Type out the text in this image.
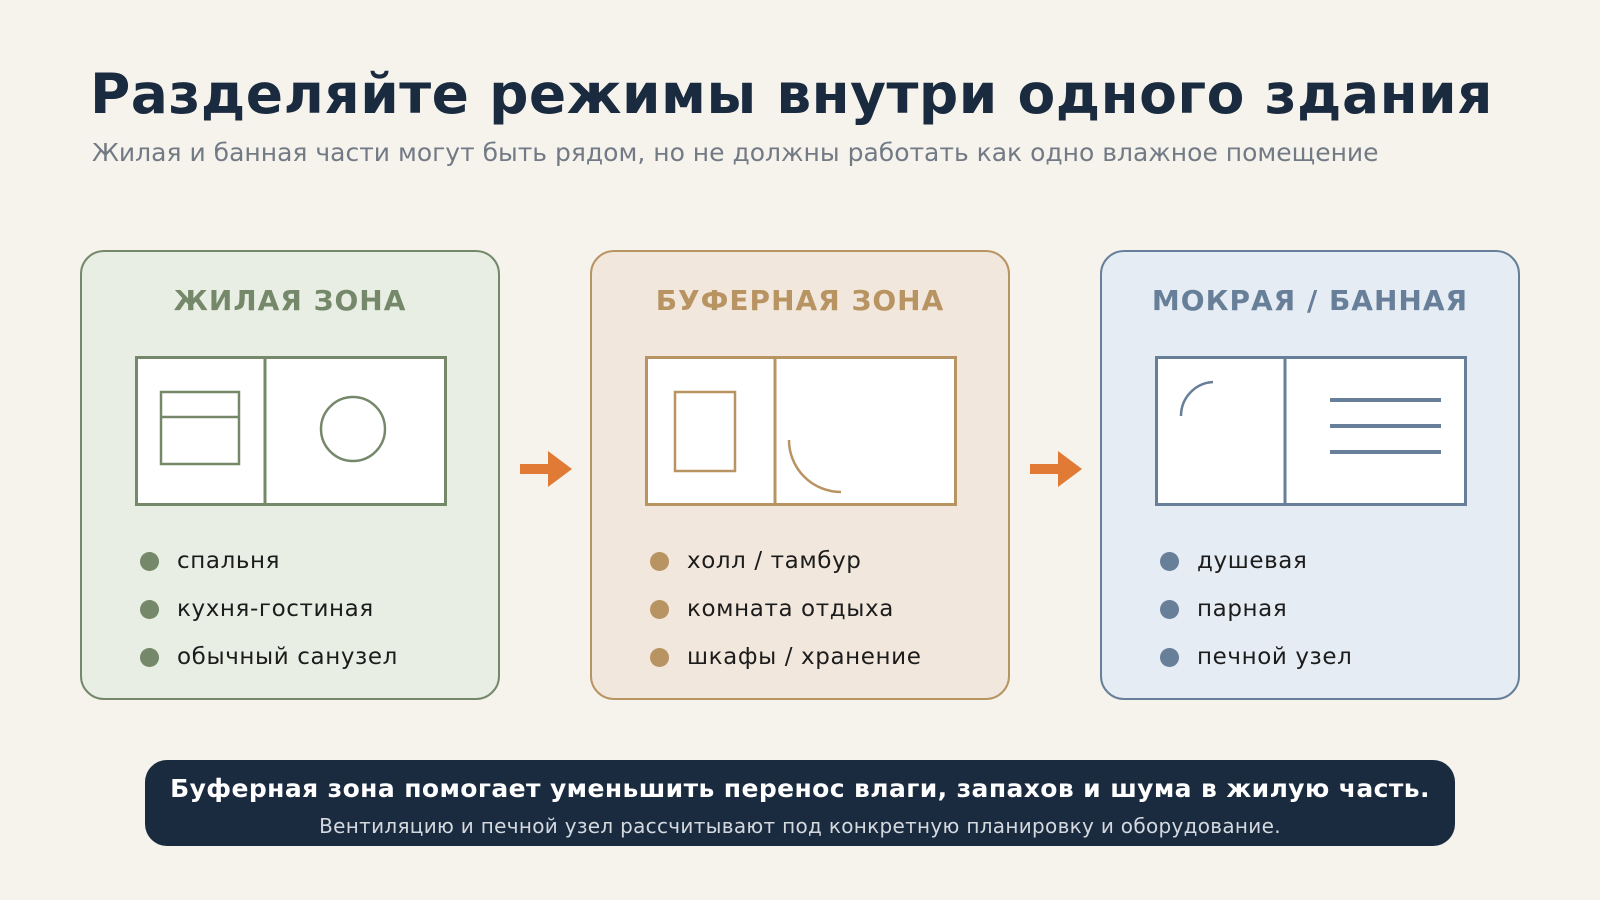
Разделяйте режимы внутри одного здания
Жилая и банная части могут быть рядом, но не должны работать как одно влажное помещение
ЖИЛАЯ ЗОНА
спальня
кухня-гостиная
обычный санузел
БУФЕРНАЯ ЗОНА
холл / тамбур
комната отдыха
шкафы / хранение
МОКРАЯ / БАННАЯ
душевая
парная
печной узел
Буферная зона помогает уменьшить перенос влаги, запахов и шума в жилую часть.
Вентиляцию и печной узел рассчитывают под конкретную планировку и оборудование.
